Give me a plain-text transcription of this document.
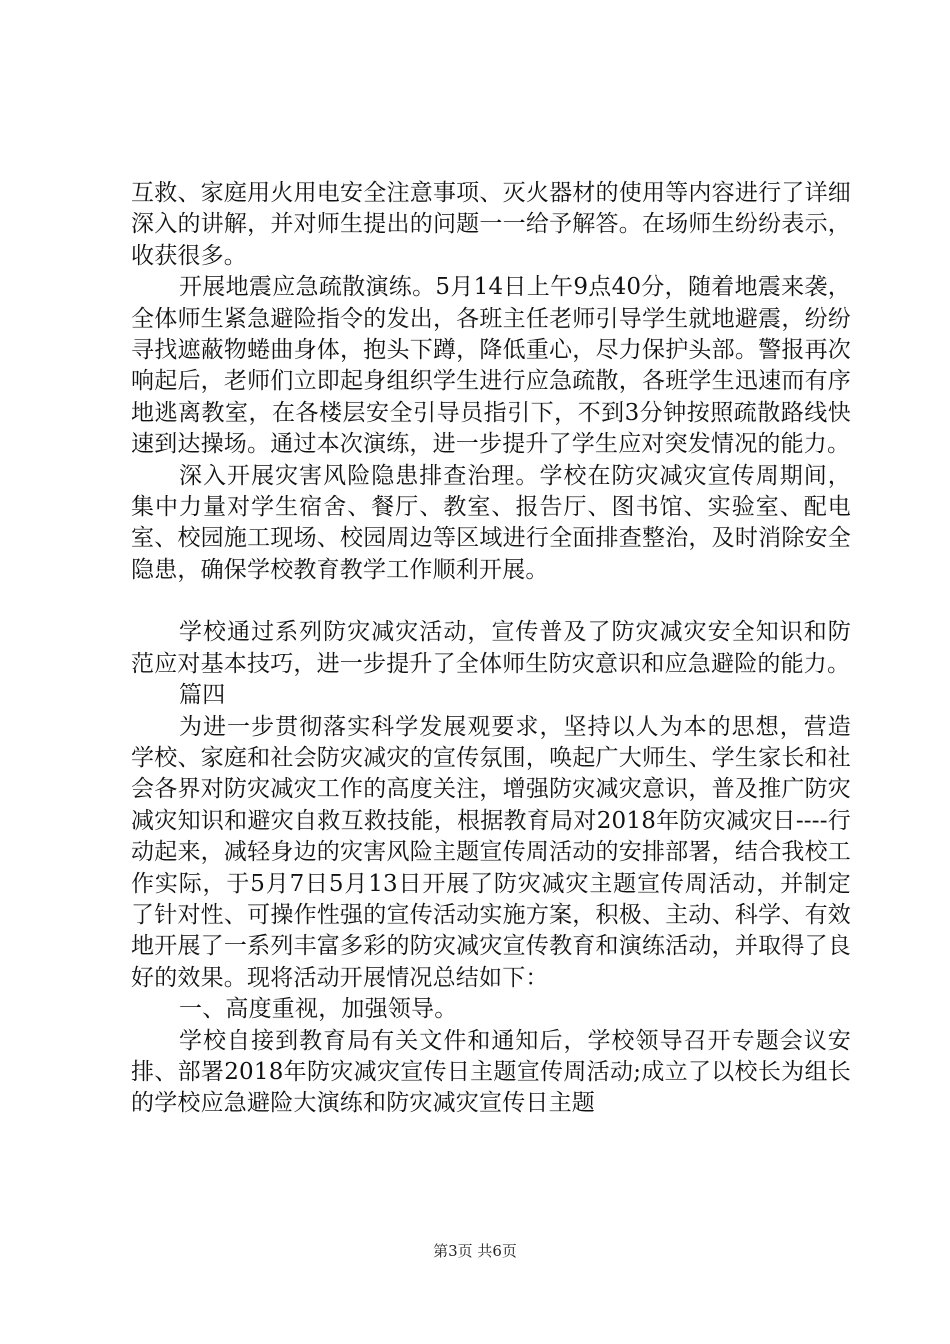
互救、家庭用火用电安全注意事项、灭火器材的使用等内容进行了详细深入的讲解，并对师生提出的问题一一给予解答。在场师生纷纷表示，收获很多。

开展地震应急疏散演练。5月14日上午9点40分，随着地震来袭，全体师生紧急避险指令的发出，各班主任老师引导学生就地避震，纷纷寻找遮蔽物蜷曲身体，抱头下蹲，降低重心，尽力保护头部。警报再次响起后，老师们立即起身组织学生进行应急疏散，各班学生迅速而有序地逃离教室，在各楼层安全引导员指引下，不到3分钟按照疏散路线快速到达操场。通过本次演练，进一步提升了学生应对突发情况的能力。

深入开展灾害风险隐患排查治理。学校在防灾减灾宣传周期间，集中力量对学生宿舍、餐厅、教室、报告厅、图书馆、实验室、配电室、校园施工现场、校园周边等区域进行全面排查整治，及时消除安全隐患，确保学校教育教学工作顺利开展。

学校通过系列防灾减灾活动，宣传普及了防灾减灾安全知识和防范应对基本技巧，进一步提升了全体师生防灾意识和应急避险的能力。

篇四

为进一步贯彻落实科学发展观要求，坚持以人为本的思想，营造学校、家庭和社会防灾减灾的宣传氛围，唤起广大师生、学生家长和社会各界对防灾减灾工作的高度关注，增强防灾减灾意识，普及推广防灾减灾知识和避灾自救互救技能，根据教育局对2018年防灾减灾日----行动起来，减轻身边的灾害风险主题宣传周活动的安排部署，结合我校工作实际，于5月7日5月13日开展了防灾减灾主题宣传周活动，并制定了针对性、可操作性强的宣传活动实施方案，积极、主动、科学、有效地开展了一系列丰富多彩的防灾减灾宣传教育和演练活动，并取得了良好的效果。现将活动开展情况总结如下：

一、高度重视，加强领导。

学校自接到教育局有关文件和通知后，学校领导召开专题会议安排、部署2018年防灾减灾宣传日主题宣传周活动;成立了以校长为组长的学校应急避险大演练和防灾减灾宣传日主题

第3页 共6页
